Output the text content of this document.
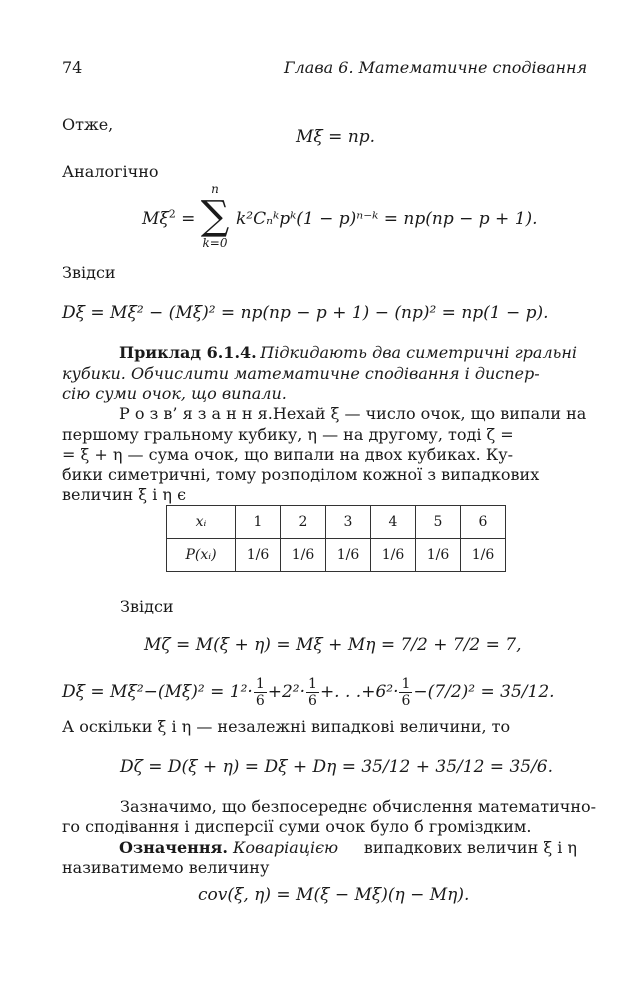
74	Глава 6. Математичне сподівання
Отже,
Mξ = np.
Аналогічно
$M\xi^2$ =
n
∑
k=0
k²Cₙᵏpᵏ(1 − p)ⁿ⁻ᵏ = np(np − p + 1).
Звідси
Dξ = Mξ² − (Mξ)² = np(np − p + 1) − (np)² = np(1 − p).
Приклад 6.1.4. Підкидають два симетричні гральні
кубики. Обчислити математичне сподівання і диспер-
сію суми очок, що випали.
Р о з в’ я з а н н я. Нехай ξ — число очок, що випали на
першому гральному кубику, η — на другому, тоді ζ =
= ξ + η — сума очок, що випали на двох кубиках. Ку-
бики симетричні, тому розподілом кожної з випадкових
величин ξ і η є
xᵢ	1	2	3	4	5	6
P(xᵢ)	1/6	1/6	1/6	1/6	1/6	1/6
Звідси
Mζ = M(ξ + η) = Mξ + Mη = 7/2 + 7/2 = 7,
$D\xi = M\xi^2-(M\xi)^2 = 1^2\cdot \frac{1}{6} +2^2\cdot \frac{1}{6}$ +. . $.+6^2\cdot \frac{1}{6} -(7/2)^2 = 35/12$.
А оскільки ξ і η — незалежні випадкові величини, то
Dζ = D(ξ + η) = Dξ + Dη = 35/12 + 35/12 = 35/6.
Зазначимо, що безпосереднє обчислення математично-
го сподівання і дисперсії суми очок було б громіздким.
Означення. Коваріацією випадкових величин ξ і η
називатимемо величину
cov(ξ, η) = M(ξ − Mξ)(η − Mη).
